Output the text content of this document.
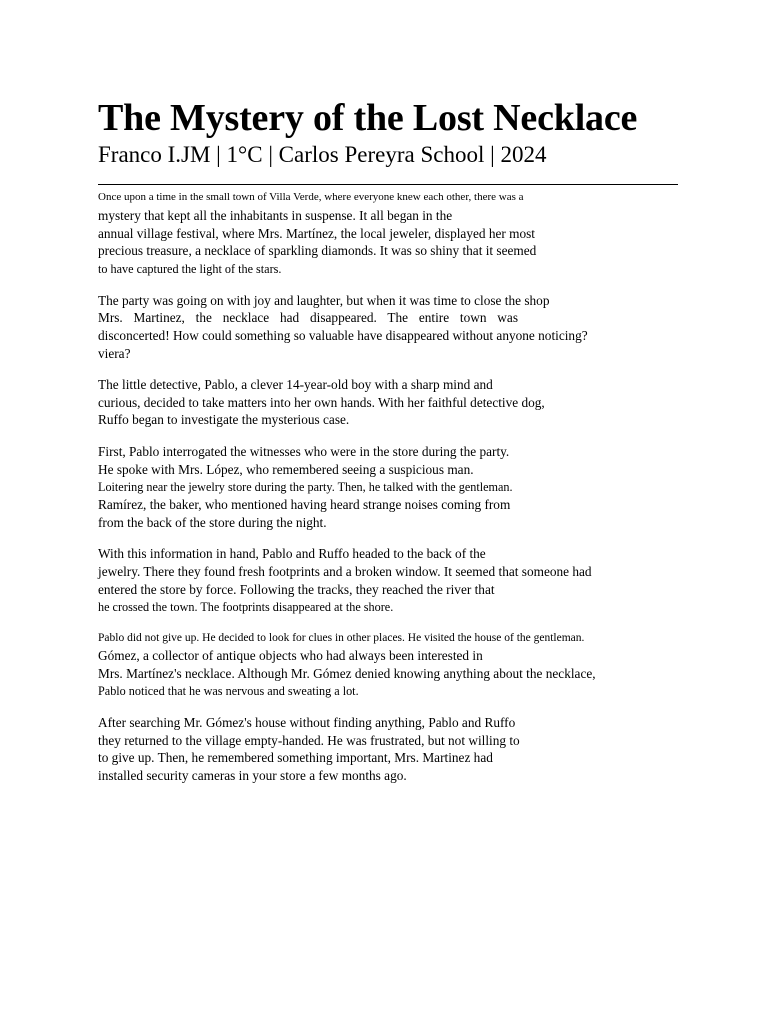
The Mystery of the Lost Necklace
Franco I.JM | 1°C | Carlos Pereyra School | 2024
Once upon a time in the small town of Villa Verde, where everyone knew each other, there was a
mystery that kept all the inhabitants in suspense. It all began in the
annual village festival, where Mrs. Martínez, the local jeweler, displayed her most
precious treasure, a necklace of sparkling diamonds. It was so shiny that it seemed
to have captured the light of the stars.
The party was going on with joy and laughter, but when it was time to close the shop
Mrs. Martinez, the necklace had disappeared. The entire town was
disconcerted! How could something so valuable have disappeared without anyone noticing?
viera?
The little detective, Pablo, a clever 14-year-old boy with a sharp mind and
curious, decided to take matters into her own hands. With her faithful detective dog,
Ruffo began to investigate the mysterious case.
First, Pablo interrogated the witnesses who were in the store during the party.
He spoke with Mrs. López, who remembered seeing a suspicious man.
Loitering near the jewelry store during the party. Then, he talked with the gentleman.
Ramírez, the baker, who mentioned having heard strange noises coming from
from the back of the store during the night.
With this information in hand, Pablo and Ruffo headed to the back of the
jewelry. There they found fresh footprints and a broken window. It seemed that someone had
entered the store by force. Following the tracks, they reached the river that
he crossed the town. The footprints disappeared at the shore.
Pablo did not give up. He decided to look for clues in other places. He visited the house of the gentleman.
Gómez, a collector of antique objects who had always been interested in
Mrs. Martínez's necklace. Although Mr. Gómez denied knowing anything about the necklace,
Pablo noticed that he was nervous and sweating a lot.
After searching Mr. Gómez's house without finding anything, Pablo and Ruffo
they returned to the village empty-handed. He was frustrated, but not willing to
to give up. Then, he remembered something important, Mrs. Martinez had
installed security cameras in your store a few months ago.
